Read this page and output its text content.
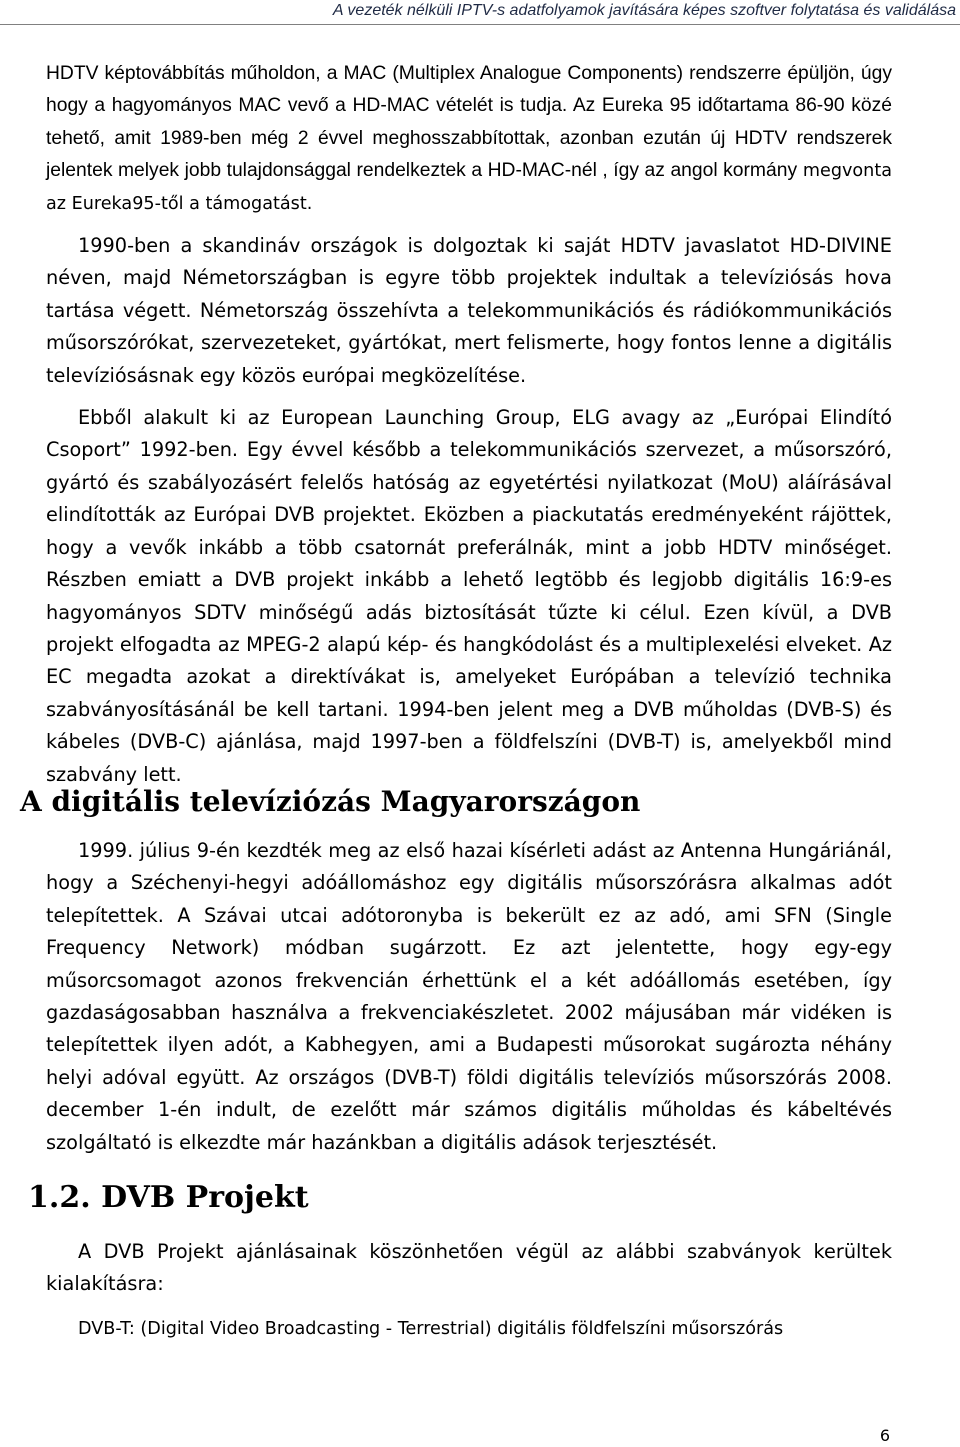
A vezeték nélküli IPTV-s adatfolyamok javítására képes szoftver folytatása és validálása

HDTV képtovábbítás műholdon, a MAC (Multiplex Analogue Components) rendszerre épüljön, úgy hogy a hagyományos MAC vevő a HD-MAC vételét is tudja. Az Eureka 95 időtartama 86-90 közé tehető, amit 1989-ben még 2 évvel meghosszabbítottak, azonban ezután új HDTV rendszerek jelentek melyek jobb tulajdonsággal rendelkeztek a HD-MAC-nél , így az angol kormány megvonta az Eureka95-től a támogatást.

1990-ben a skandináv országok is dolgoztak ki saját HDTV javaslatot HD-DIVINE néven, majd Németországban is egyre több projektek indultak a televíziósás hova tartása végett. Németország összehívta a telekommunikációs és rádiókommunikációs műsorszórókat, szervezeteket, gyártókat, mert felismerte, hogy fontos lenne a digitális televíziósásnak egy közös európai megközelítése.

Ebből alakult ki az European Launching Group, ELG avagy az „Európai Elindító Csoport” 1992-ben. Egy évvel később a telekommunikációs szervezet, a műsorszóró, gyártó és szabályozásért felelős hatóság az egyetértési nyilatkozat (MoU) aláírásával elindították az Európai DVB projektet. Eközben a piackutatás eredményeként rájöttek, hogy a vevők inkább a több csatornát preferálnák, mint a jobb HDTV minőséget. Részben emiatt a DVB projekt inkább a lehető legtöbb és legjobb digitális 16:9-es hagyományos SDTV minőségű adás biztosítását tűzte ki célul. Ezen kívül, a DVB projekt elfogadta az MPEG-2 alapú kép- és hangkódolást és a multiplexelési elveket. Az EC megadta azokat a direktívákat is, amelyeket Európában a televízió technika szabványosításánál be kell tartani. 1994-ben jelent meg a DVB műholdas (DVB-S) és kábeles (DVB-C) ajánlása, majd 1997-ben a földfelszíni (DVB-T) is, amelyekből mind szabvány lett.

A digitális televíziózás Magyarországon

1999. július 9-én kezdték meg az első hazai kísérleti adást az Antenna Hungáriánál, hogy a Széchenyi-hegyi adóállomáshoz egy digitális műsorszórásra alkalmas adót telepítettek. A Szávai utcai adótoronyba is bekerült ez az adó, ami SFN (Single Frequency Network) módban sugárzott. Ez azt jelentette, hogy egy-egy műsorcsomagot azonos frekvencián érhettünk el a két adóállomás esetében, így gazdaságosabban használva a frekvenciakészletet. 2002 májusában már vidéken is telepítettek ilyen adót, a Kabhegyen, ami a Budapesti műsorokat sugározta néhány helyi adóval együtt. Az országos (DVB-T) földi digitális televíziós műsorszórás 2008. december 1-én indult, de ezelőtt már számos digitális műholdas és kábeltévés szolgáltató is elkezdte már hazánkban a digitális adások terjesztését.

1.2. DVB Projekt

A DVB Projekt ajánlásainak köszönhetően végül az alábbi szabványok kerültek kialakításra:

DVB-T: (Digital Video Broadcasting - Terrestrial) digitális földfelszíni műsorszórás
6
